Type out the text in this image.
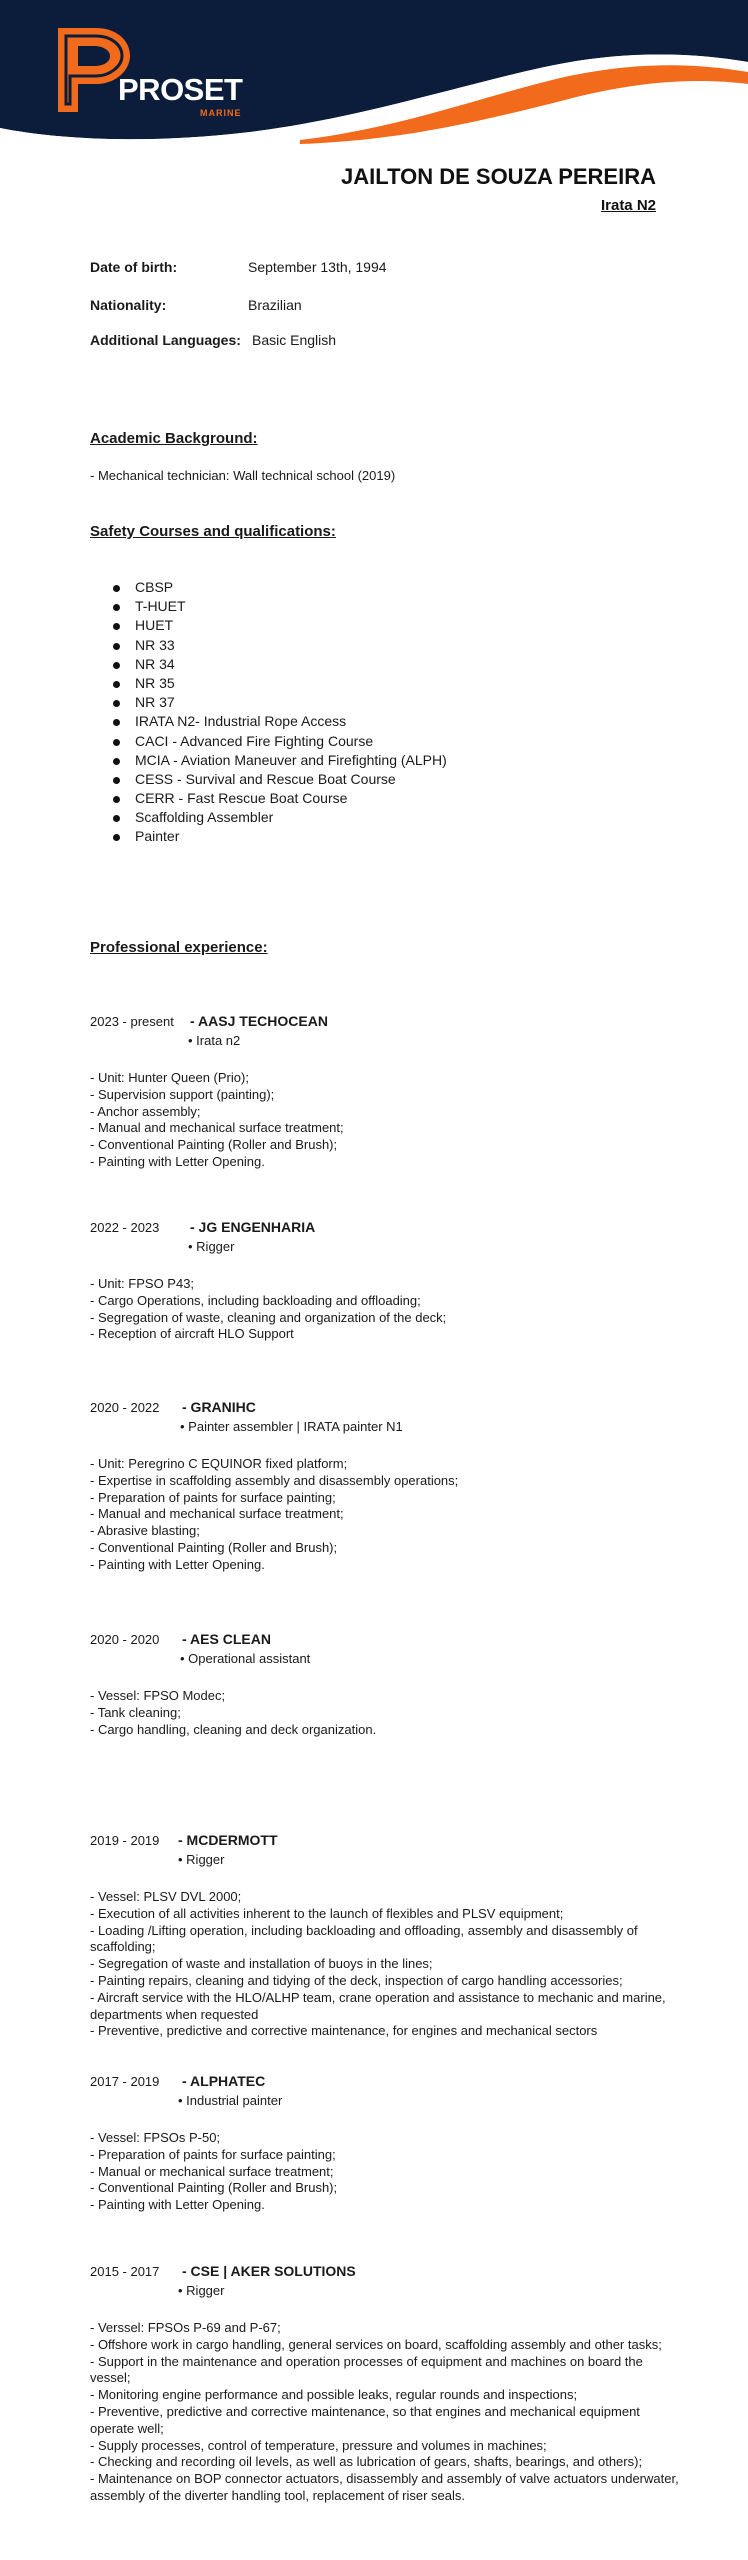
PROSET
MARINE
JAILTON DE SOUZA PEREIRA
Irata N2
Date of birth:	September 13th, 1994
Nationality:	Brazilian
Additional Languages: Basic English
Academic Background:
- Mechanical technician: Wall technical school (2019)
Safety Courses and qualifications:
CBSP
T-HUET
HUET
NR 33
NR 34
NR 35
NR 37
IRATA N2- Industrial Rope Access
CACI - Advanced Fire Fighting Course
MCIA - Aviation Maneuver and Firefighting (ALPH)
CESS - Survival and Rescue Boat Course
CERR - Fast Rescue Boat Course
Scaffolding Assembler
Painter
Professional experience:
2023 - present - AASJ TECHOCEAN
• Irata n2
- Unit: Hunter Queen (Prio);
- Supervision support (painting);
- Anchor assembly;
- Manual and mechanical surface treatment;
- Conventional Painting (Roller and Brush);
- Painting with Letter Opening.
2022 - 2023 - JG ENGENHARIA
• Rigger
- Unit: FPSO P43;
- Cargo Operations, including backloading and offloading;
- Segregation of waste, cleaning and organization of the deck;
- Reception of aircraft HLO Support
2020 - 2022 - GRANIHC
• Painter assembler | IRATA painter N1
- Unit: Peregrino C EQUINOR fixed platform;
- Expertise in scaffolding assembly and disassembly operations;
- Preparation of paints for surface painting;
- Manual and mechanical surface treatment;
- Abrasive blasting;
- Conventional Painting (Roller and Brush);
- Painting with Letter Opening.
2020 - 2020 - AES CLEAN
• Operational assistant
- Vessel: FPSO Modec;
- Tank cleaning;
- Cargo handling, cleaning and deck organization.
2019 - 2019 - MCDERMOTT
• Rigger
- Vessel: PLSV DVL 2000;
- Execution of all activities inherent to the launch of flexibles and PLSV equipment;
- Loading /Lifting operation, including backloading and offloading, assembly and disassembly of scaffolding;
- Segregation of waste and installation of buoys in the lines;
- Painting repairs, cleaning and tidying of the deck, inspection of cargo handling accessories;
- Aircraft service with the HLO/ALHP team, crane operation and assistance to mechanic and marine, departments when requested
- Preventive, predictive and corrective maintenance, for engines and mechanical sectors
2017 - 2019 - ALPHATEC
• Industrial painter
- Vessel: FPSOs P-50;
- Preparation of paints for surface painting;
- Manual or mechanical surface treatment;
- Conventional Painting (Roller and Brush);
- Painting with Letter Opening.
2015 - 2017 - CSE | AKER SOLUTIONS
• Rigger
- Verssel: FPSOs P-69 and P-67;
- Offshore work in cargo handling, general services on board, scaffolding assembly and other tasks;
- Support in the maintenance and operation processes of equipment and machines on board the vessel;
- Monitoring engine performance and possible leaks, regular rounds and inspections;
- Preventive, predictive and corrective maintenance, so that engines and mechanical equipment operate well;
- Supply processes, control of temperature, pressure and volumes in machines;
- Checking and recording oil levels, as well as lubrication of gears, shafts, bearings, and others);
- Maintenance on BOP connector actuators, disassembly and assembly of valve actuators underwater, assembly of the diverter handling tool, replacement of riser seals.
